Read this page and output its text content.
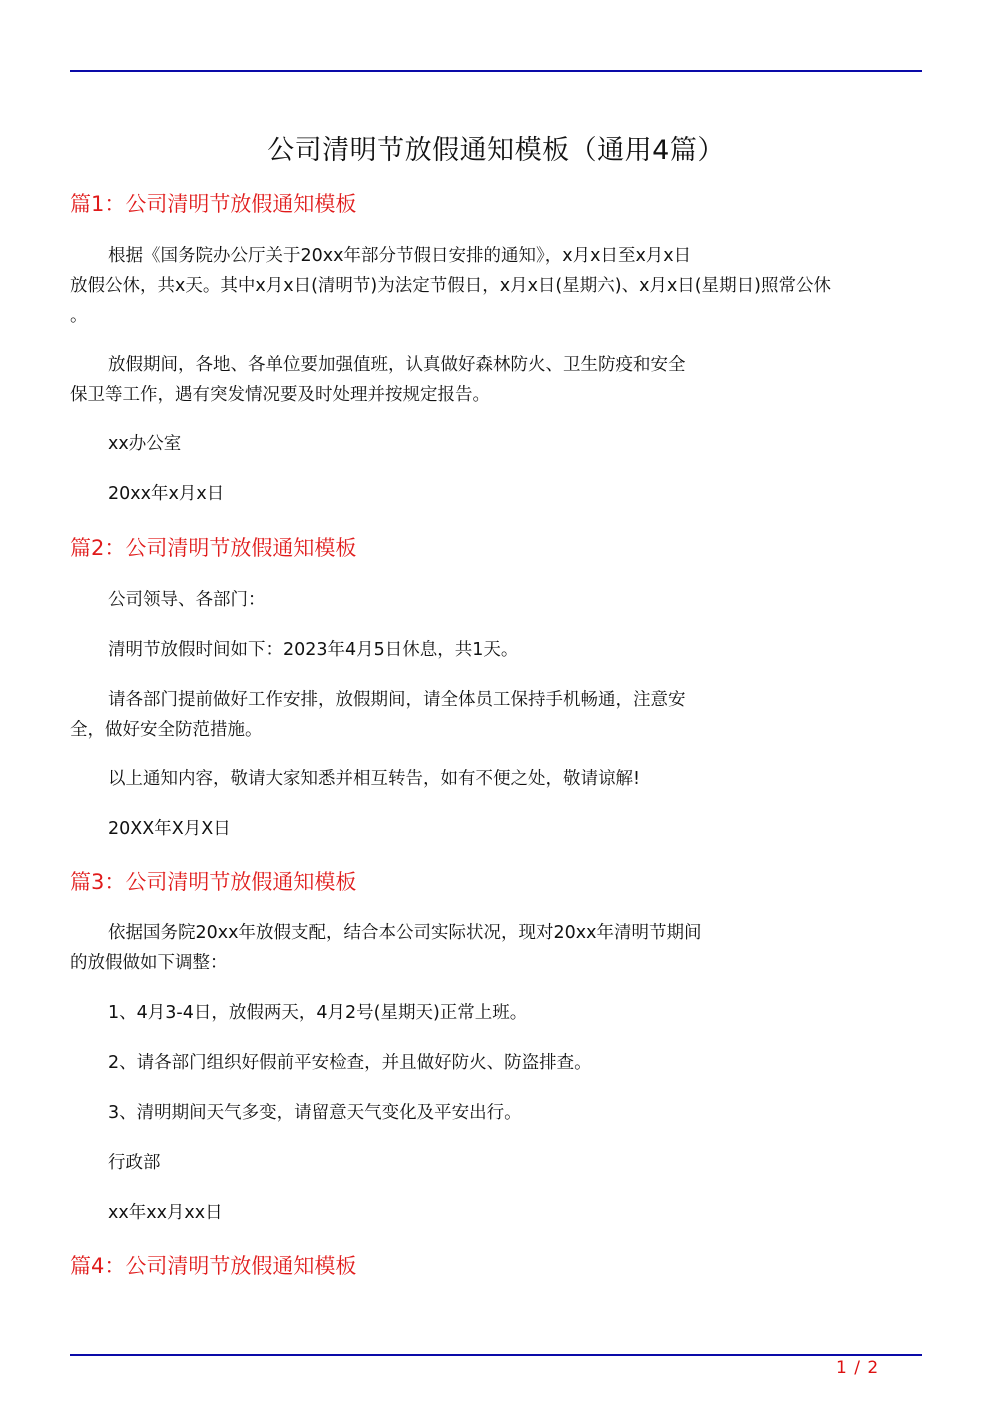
公司清明节放假通知模板（通用4篇）
篇1：公司清明节放假通知模板
根据《国务院办公厅关于20xx年部分节假日安排的通知》，x月x日至x月x日
放假公休，共x天。其中x月x日(清明节)为法定节假日，x月x日(星期六)、x月x日(星期日)照常公休
。
放假期间，各地、各单位要加强值班，认真做好森林防火、卫生防疫和安全
保卫等工作，遇有突发情况要及时处理并按规定报告。
xx办公室
20xx年x月x日
篇2：公司清明节放假通知模板
公司领导、各部门：
清明节放假时间如下：2023年4月5日休息，共1天。
请各部门提前做好工作安排，放假期间，请全体员工保持手机畅通，注意安
全，做好安全防范措施。
以上通知内容，敬请大家知悉并相互转告，如有不便之处，敬请谅解!
20XX年X月X日
篇3：公司清明节放假通知模板
依据国务院20xx年放假支配，结合本公司实际状况，现对20xx年清明节期间
的放假做如下调整：
1、4月3-4日，放假两天，4月2号(星期天)正常上班。
2、请各部门组织好假前平安检查，并且做好防火、防盗排查。
3、清明期间天气多变，请留意天气变化及平安出行。
行政部
xx年xx月xx日
篇4：公司清明节放假通知模板
1 / 2
